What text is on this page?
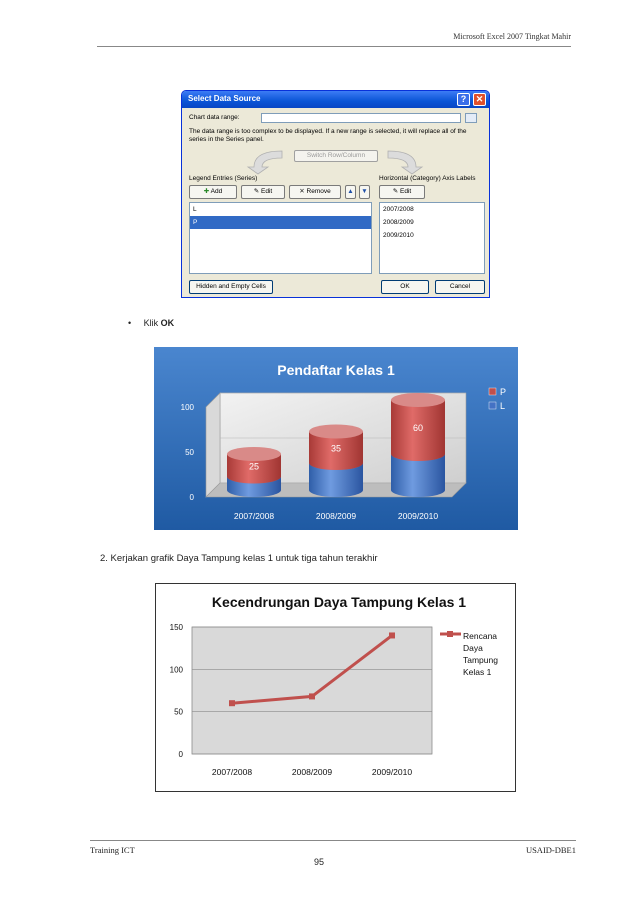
Microsoft Excel 2007 Tingkat Mahir
Select Data Source	?	✕
Chart data range:
The data range is too complex to be displayed. If a new range is selected, it will replace all of the series in the Series panel.
Switch Row/Column
Legend Entries (Series)	Horizontal (Category) Axis Labels
✚ Add	✎ Edit	✕ Remove	▲	▼	✎ Edit
L
P
2007/2008
2008/2009
2009/2010
Hidden and Empty Cells	OK	Cancel
•     Klik OK
Pendaftar Kelas 1
0
50
100
25
2007/2008
35
2008/2009
60
2009/2010
P
L
2. Kerjakan grafik Daya Tampung kelas 1 untuk tiga tahun terakhir
Kecendrungan Daya Tampung Kelas 1
0
50
100
150
2007/2008	2008/2009	2009/2010
Rencana
Daya
Tampung
Kelas 1
Training ICT	USAID-DBE1
95
